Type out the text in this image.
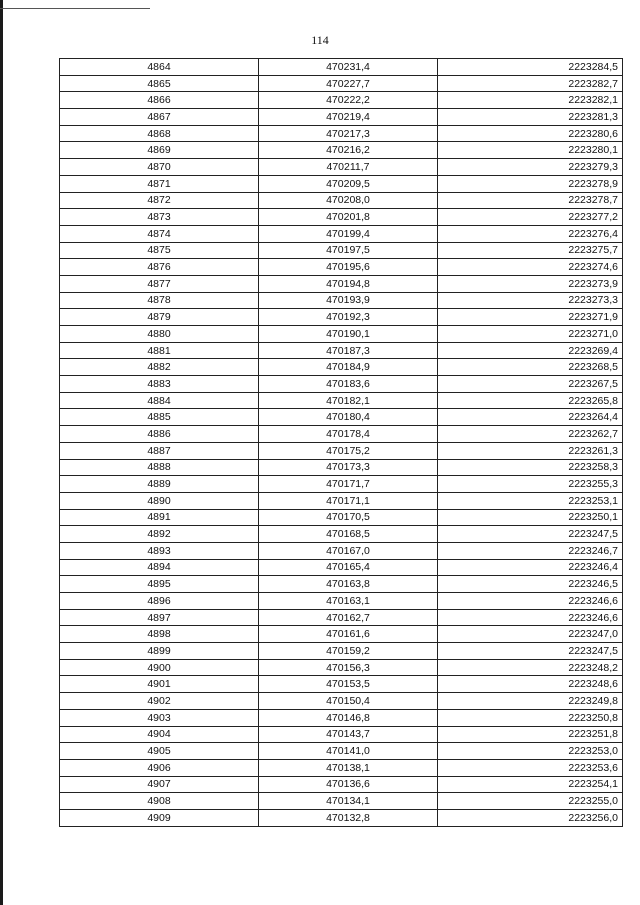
114
4864	470231,4	2223284,5
4865	470227,7	2223282,7
4866	470222,2	2223282,1
4867	470219,4	2223281,3
4868	470217,3	2223280,6
4869	470216,2	2223280,1
4870	470211,7	2223279,3
4871	470209,5	2223278,9
4872	470208,0	2223278,7
4873	470201,8	2223277,2
4874	470199,4	2223276,4
4875	470197,5	2223275,7
4876	470195,6	2223274,6
4877	470194,8	2223273,9
4878	470193,9	2223273,3
4879	470192,3	2223271,9
4880	470190,1	2223271,0
4881	470187,3	2223269,4
4882	470184,9	2223268,5
4883	470183,6	2223267,5
4884	470182,1	2223265,8
4885	470180,4	2223264,4
4886	470178,4	2223262,7
4887	470175,2	2223261,3
4888	470173,3	2223258,3
4889	470171,7	2223255,3
4890	470171,1	2223253,1
4891	470170,5	2223250,1
4892	470168,5	2223247,5
4893	470167,0	2223246,7
4894	470165,4	2223246,4
4895	470163,8	2223246,5
4896	470163,1	2223246,6
4897	470162,7	2223246,6
4898	470161,6	2223247,0
4899	470159,2	2223247,5
4900	470156,3	2223248,2
4901	470153,5	2223248,6
4902	470150,4	2223249,8
4903	470146,8	2223250,8
4904	470143,7	2223251,8
4905	470141,0	2223253,0
4906	470138,1	2223253,6
4907	470136,6	2223254,1
4908	470134,1	2223255,0
4909	470132,8	2223256,0
